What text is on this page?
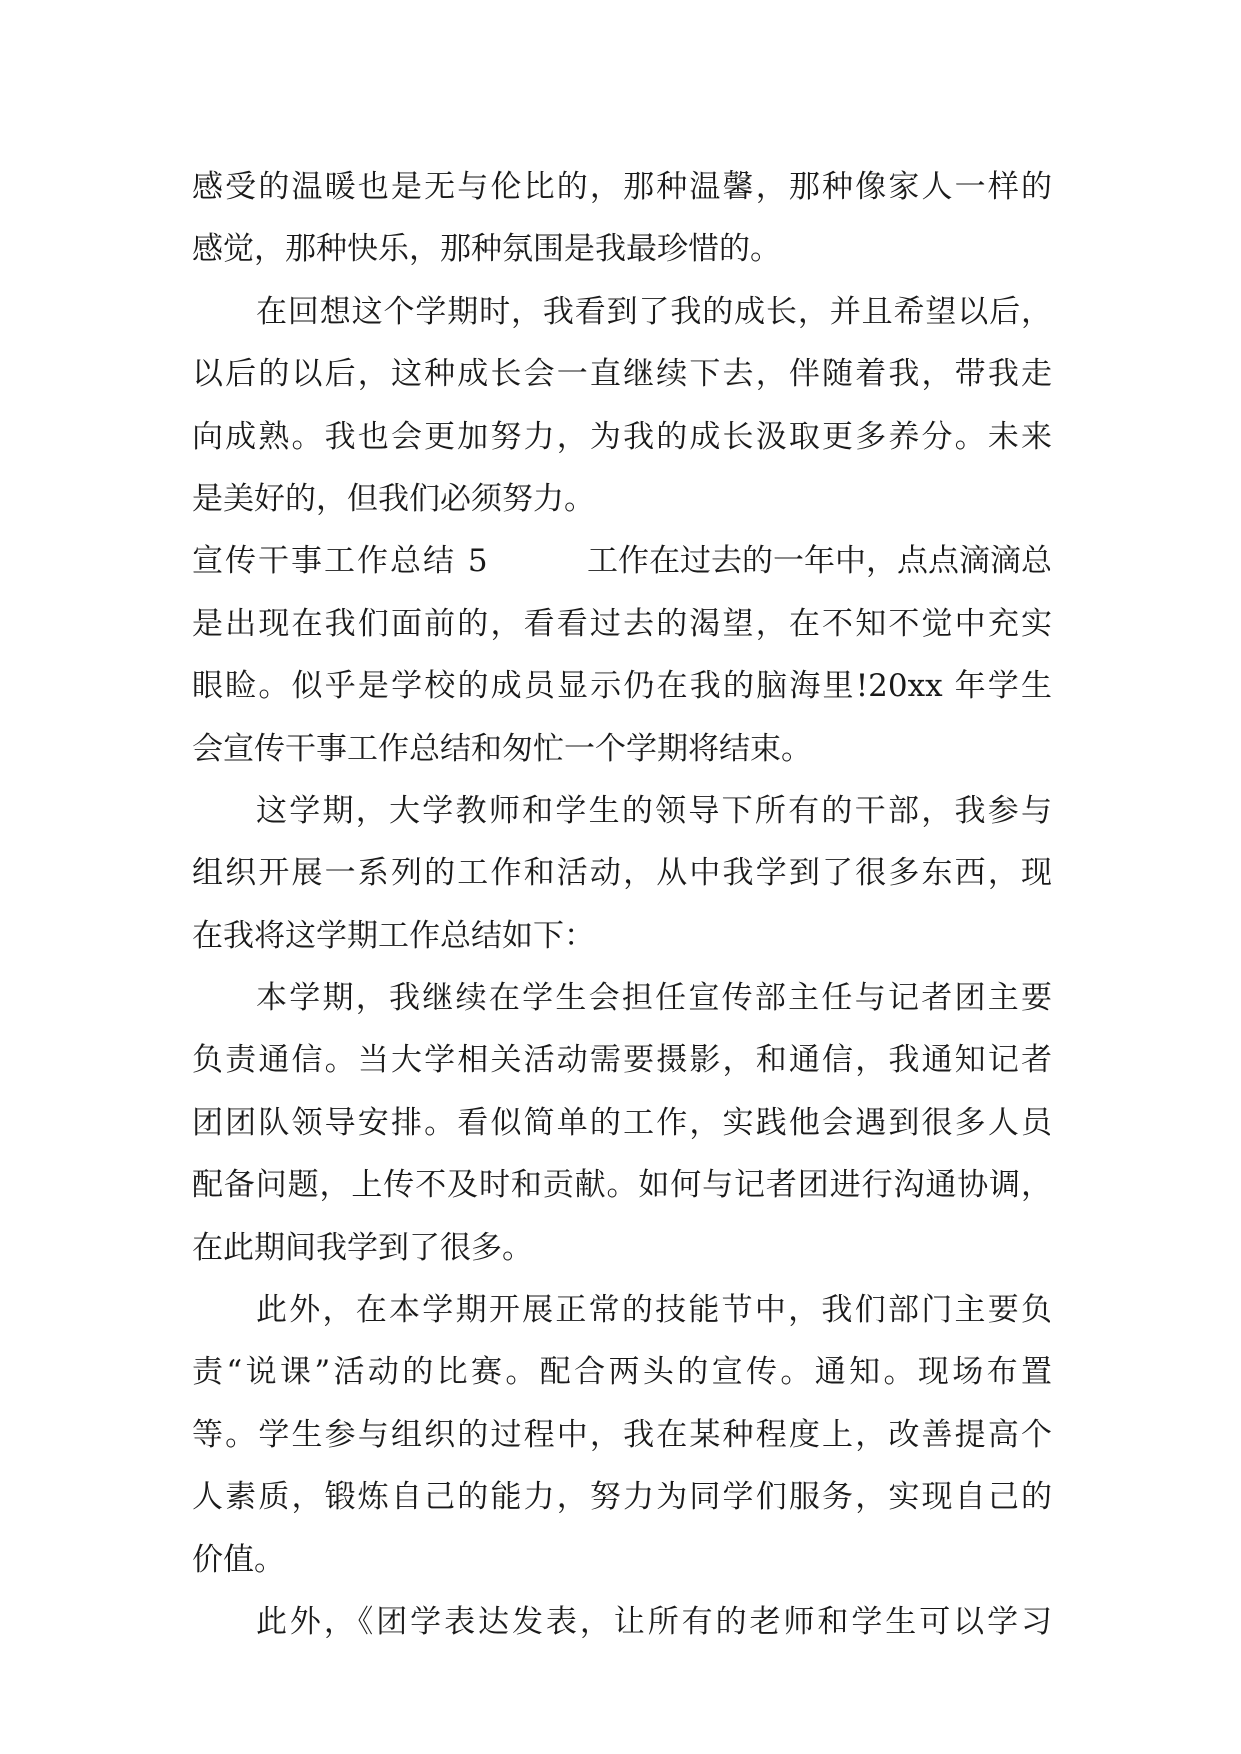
感受的温暖也是无与伦比的，那种温馨，那种像家人一样的
感觉，那种快乐，那种氛围是我最珍惜的。
在回想这个学期时，我看到了我的成长，并且希望以后，
以后的以后，这种成长会一直继续下去，伴随着我，带我走
向成熟。我也会更加努力，为我的成长汲取更多养分。未来
是美好的，但我们必须努力。
宣传干事工作总结 5	工作在过去的一年中，点点滴滴总
是出现在我们面前的，看看过去的渴望，在不知不觉中充实
眼睑。似乎是学校的成员显示仍在我的脑海里!20xx 年学生
会宣传干事工作总结和匆忙一个学期将结束。
这学期，大学教师和学生的领导下所有的干部，我参与
组织开展一系列的工作和活动，从中我学到了很多东西，现
在我将这学期工作总结如下：
本学期，我继续在学生会担任宣传部主任与记者团主要
负责通信。当大学相关活动需要摄影，和通信，我通知记者
团团队领导安排。看似简单的工作，实践他会遇到很多人员
配备问题，上传不及时和贡献。如何与记者团进行沟通协调，
在此期间我学到了很多。
此外，在本学期开展正常的技能节中，我们部门主要负
责“说课”活动的比赛。配合两头的宣传。通知。现场布置
等。学生参与组织的过程中，我在某种程度上，改善提高个
人素质，锻炼自己的能力，努力为同学们服务，实现自己的
价值。
此外，《团学表达发表，让所有的老师和学生可以学习
